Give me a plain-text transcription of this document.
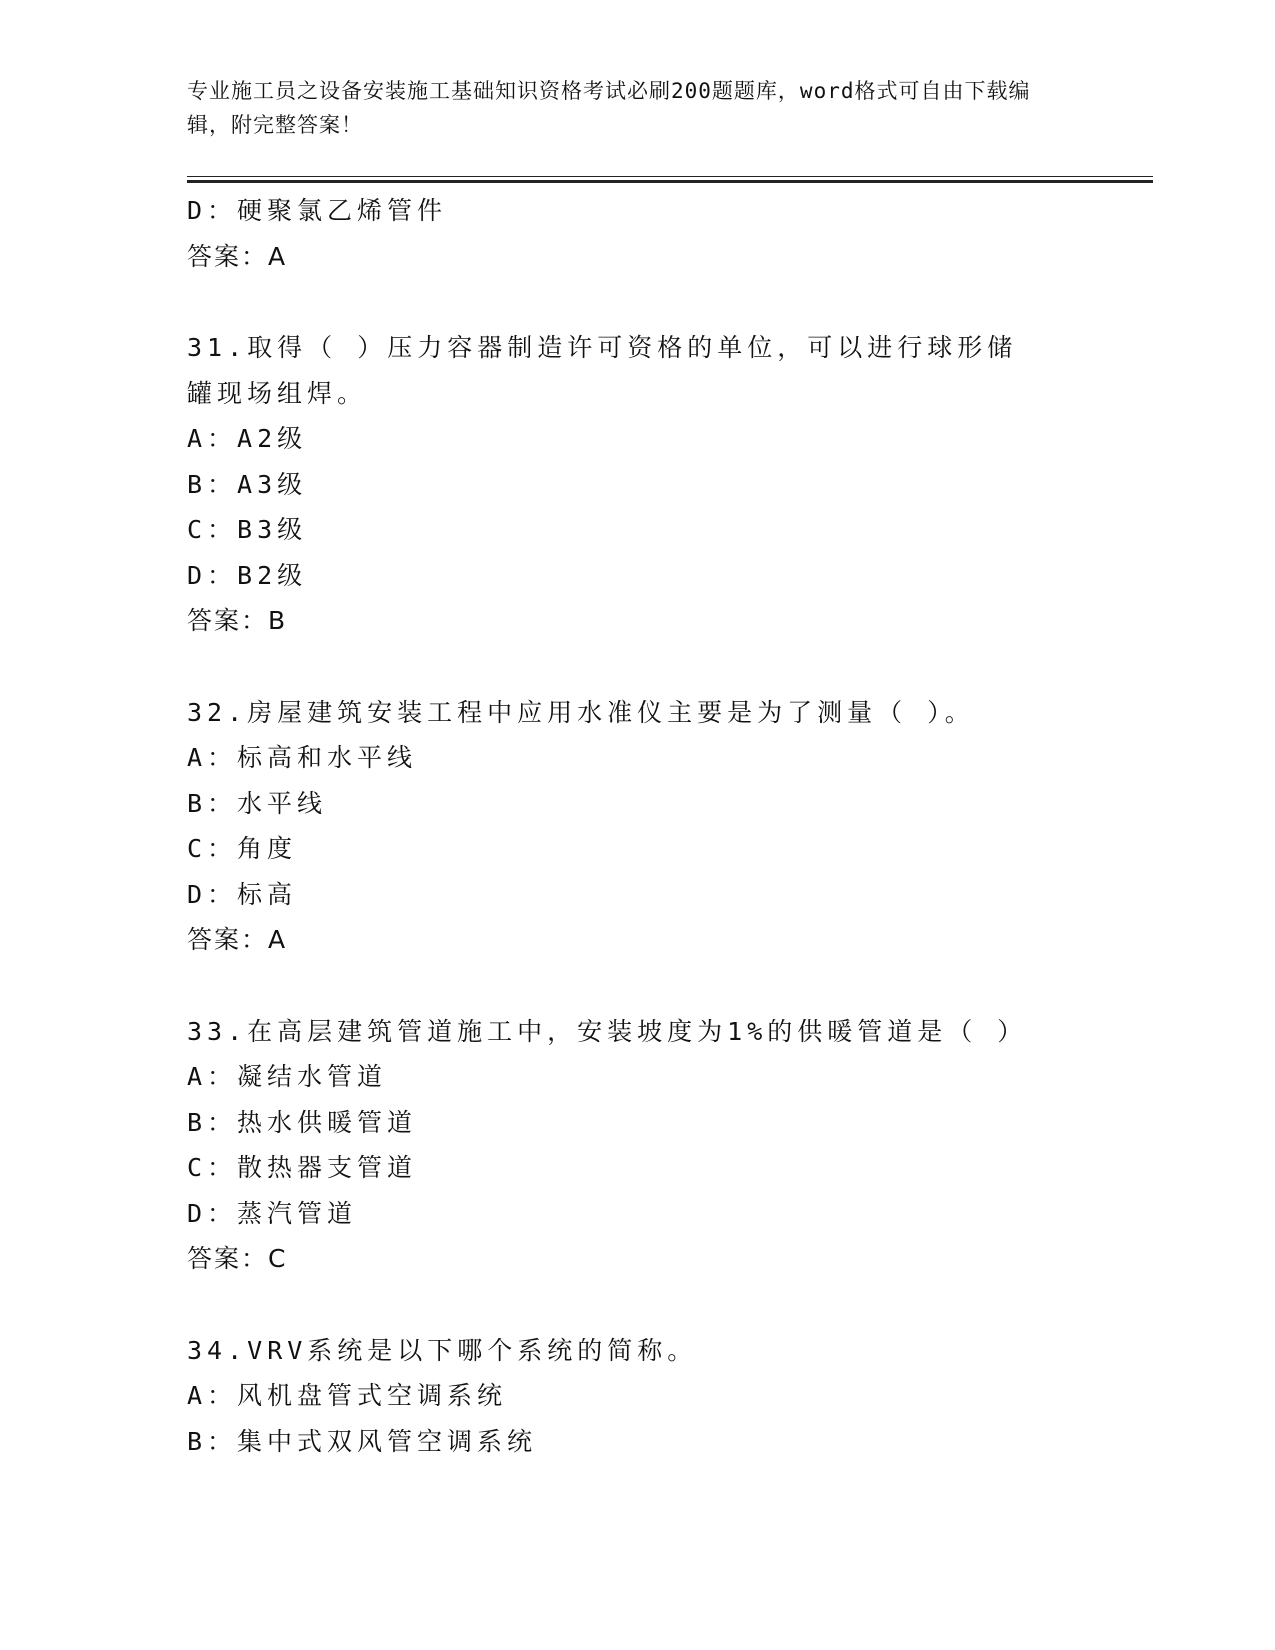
专业施工员之设备安装施工基础知识资格考试必刷200题题库，word格式可自由下载编辑，附完整答案！
D：硬聚氯乙烯管件
答案：A
31.取得（ ）压力容器制造许可资格的单位，可以进行球形储罐现场组焊。
A：A2级
B：A3级
C：B3级
D：B2级
答案：B
32.房屋建筑安装工程中应用水准仪主要是为了测量（ ）。
A：标高和水平线
B：水平线
C：角度
D：标高
答案：A
33.在高层建筑管道施工中，安装坡度为1%的供暖管道是（ ）
A：凝结水管道
B：热水供暖管道
C：散热器支管道
D：蒸汽管道
答案：C
34.VRV系统是以下哪个系统的简称。
A：风机盘管式空调系统
B：集中式双风管空调系统
